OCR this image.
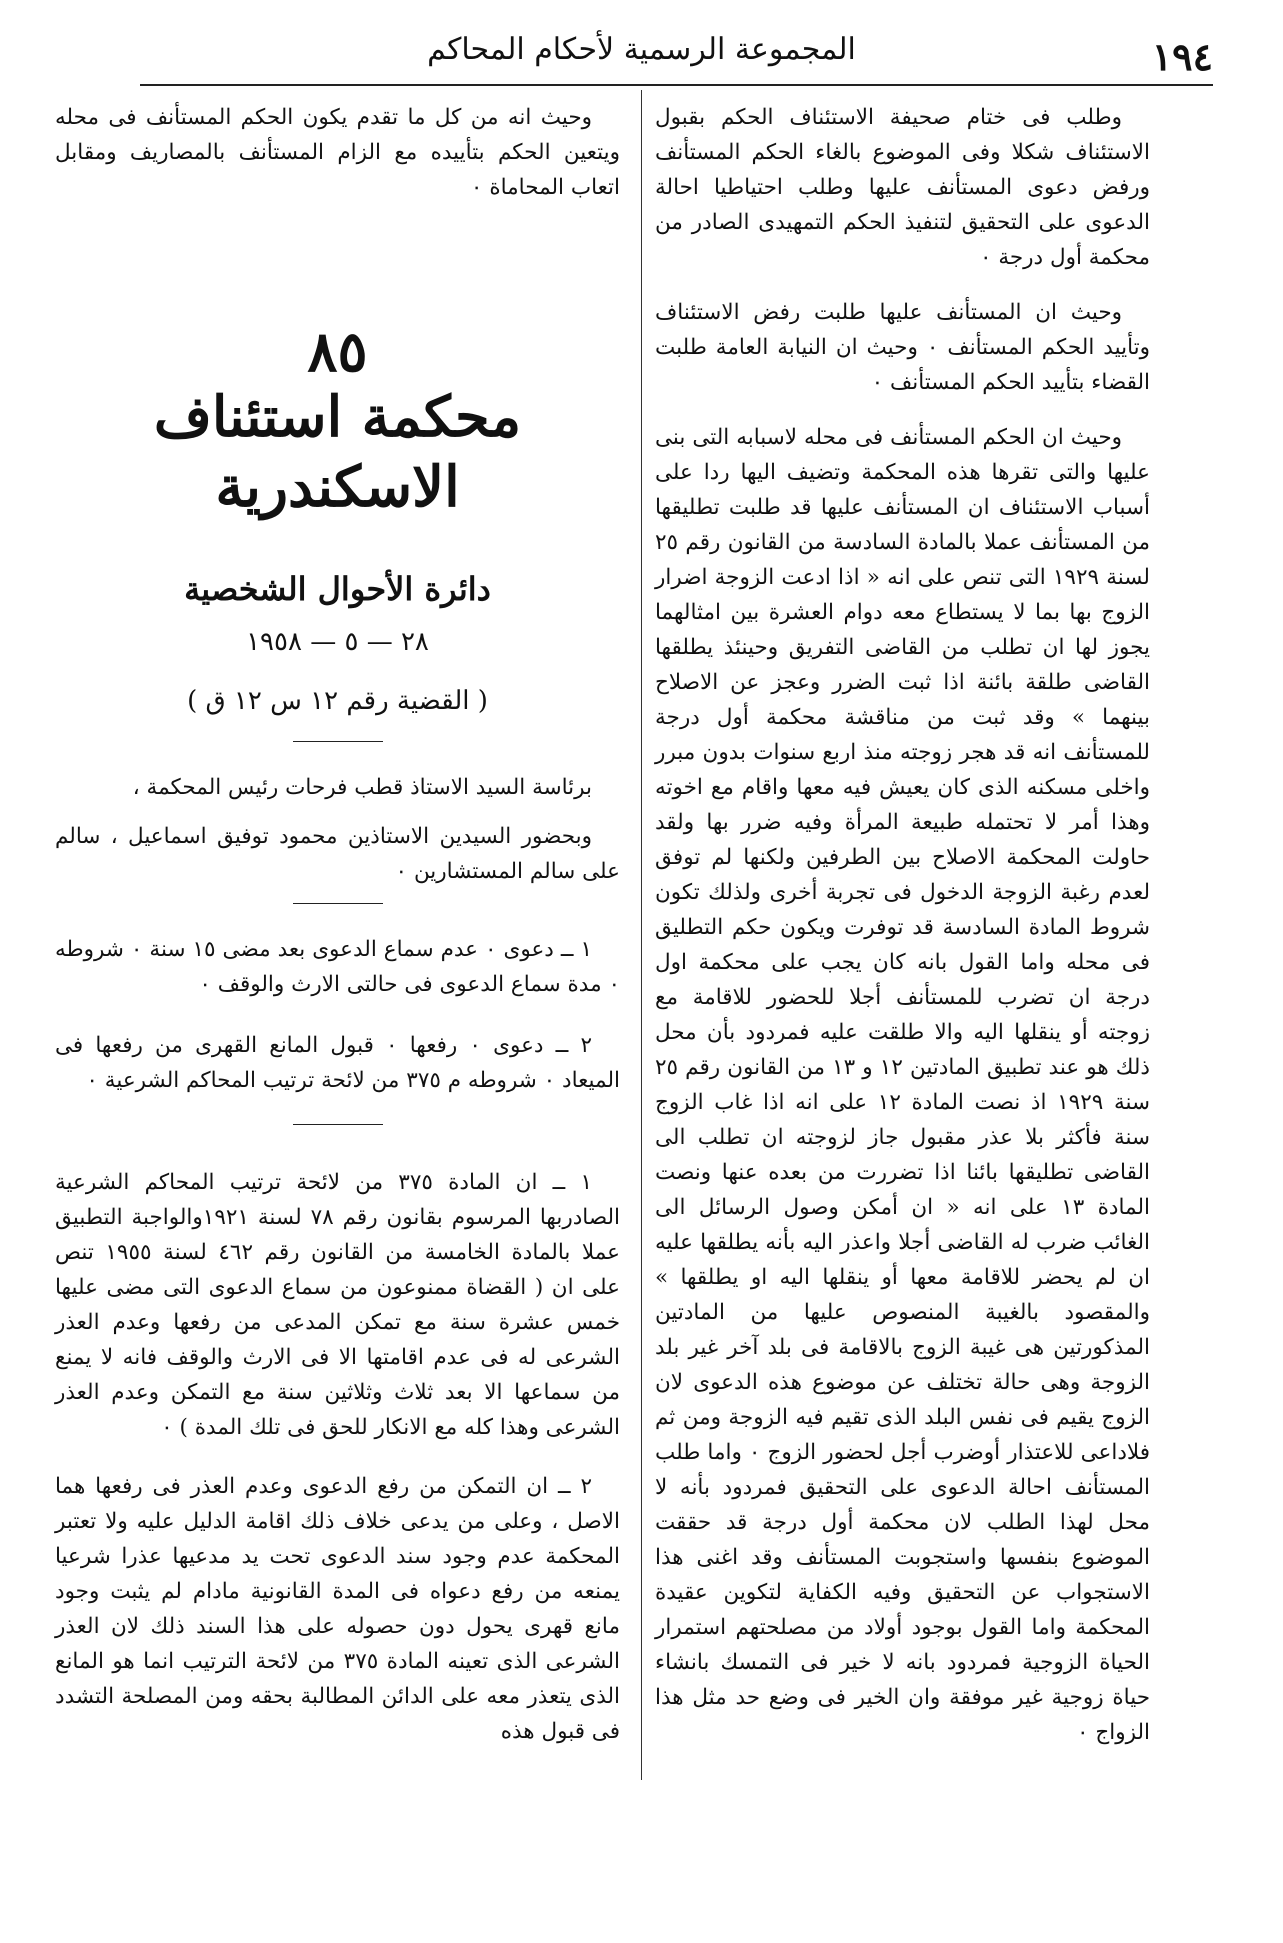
١٩٤
المجموعة الرسمية لأحكام المحاكم

وطلب فى ختام صحيفة الاستئناف الحكم بقبول الاستئناف شكلا وفى الموضوع بالغاء الحكم المستأنف ورفض دعوى المستأنف عليها وطلب احتياطيا احالة الدعوى على التحقيق لتنفيذ الحكم التمهيدى الصادر من محكمة أول درجة ٠

وحيث ان المستأنف عليها طلبت رفض الاستئناف وتأييد الحكم المستأنف ٠ وحيث ان النيابة العامة طلبت القضاء بتأييد الحكم المستأنف ٠

وحيث ان الحكم المستأنف فى محله لاسبابه التى بنى عليها والتى تقرها هذه المحكمة وتضيف اليها ردا على أسباب الاستئناف ان المستأنف عليها قد طلبت تطليقها من المستأنف عملا بالمادة السادسة من القانون رقم ٢٥ لسنة ١٩٢٩ التى تنص على انه « اذا ادعت الزوجة اضرار الزوج بها بما لا يستطاع معه دوام العشرة بين امثالهما يجوز لها ان تطلب من القاضى التفريق وحينئذ يطلقها القاضى طلقة بائنة اذا ثبت الضرر وعجز عن الاصلاح بينهما » وقد ثبت من مناقشة محكمة أول درجة للمستأنف انه قد هجر زوجته منذ اربع سنوات بدون مبرر واخلى مسكنه الذى كان يعيش فيه معها واقام مع اخوته وهذا أمر لا تحتمله طبيعة المرأة وفيه ضرر بها ولقد حاولت المحكمة الاصلاح بين الطرفين ولكنها لم توفق لعدم رغبة الزوجة الدخول فى تجربة أخرى ولذلك تكون شروط المادة السادسة قد توفرت ويكون حكم التطليق فى محله واما القول بانه كان يجب على محكمة اول درجة ان تضرب للمستأنف أجلا للحضور للاقامة مع زوجته أو ينقلها اليه والا طلقت عليه فمردود بأن محل ذلك هو عند تطبيق المادتين ١٢ و ١٣ من القانون رقم ٢٥ سنة ١٩٢٩ اذ نصت المادة ١٢ على انه اذا غاب الزوج سنة فأكثر بلا عذر مقبول جاز لزوجته ان تطلب الى القاضى تطليقها بائنا اذا تضررت من بعده عنها ونصت المادة ١٣ على انه « ان أمكن وصول الرسائل الى الغائب ضرب له القاضى أجلا واعذر اليه بأنه يطلقها عليه ان لم يحضر للاقامة معها أو ينقلها اليه او يطلقها » والمقصود بالغيبة المنصوص عليها من المادتين المذكورتين هى غيبة الزوج بالاقامة فى بلد آخر غير بلد الزوجة وهى حالة تختلف عن موضوع هذه الدعوى لان الزوج يقيم فى نفس البلد الذى تقيم فيه الزوجة ومن ثم فلاداعى للاعتذار أوضرب أجل لحضور الزوج ٠ واما طلب المستأنف احالة الدعوى على التحقيق فمردود بأنه لا محل لهذا الطلب لان محكمة أول درجة قد حققت الموضوع بنفسها واستجوبت المستأنف وقد اغنى هذا الاستجواب عن التحقيق وفيه الكفاية لتكوين عقيدة المحكمة واما القول بوجود أولاد من مصلحتهم استمرار الحياة الزوجية فمردود بانه لا خير فى التمسك بانشاء حياة زوجية غير موفقة وان الخير فى وضع حد مثل هذا الزواج ٠

وحيث انه من كل ما تقدم يكون الحكم المستأنف فى محله ويتعين الحكم بتأييده مع الزام المستأنف بالمصاريف ومقابل اتعاب المحاماة ٠

٨٥
محكمة استئناف الاسكندرية
دائرة الأحوال الشخصية
٢٨ — ٥ — ١٩٥٨
( القضية رقم ١٢ س ١٢ ق )

برئاسة السيد الاستاذ قطب فرحات رئيس المحكمة ،

وبحضور السيدين الاستاذين محمود توفيق اسماعيل ، سالم على سالم المستشارين ٠

١ ــ دعوى ٠ عدم سماع الدعوى بعد مضى ١٥ سنة ٠ شروطه ٠ مدة سماع الدعوى فى حالتى الارث والوقف ٠

٢ ــ دعوى ٠ رفعها ٠ قبول المانع القهرى من رفعها فى الميعاد ٠ شروطه م ٣٧٥ من لائحة ترتيب المحاكم الشرعية ٠

١ ــ ان المادة ٣٧٥ من لائحة ترتيب المحاكم الشرعية الصادربها المرسوم بقانون رقم ٧٨ لسنة ١٩٢١والواجبة التطبيق عملا بالمادة الخامسة من القانون رقم ٤٦٢ لسنة ١٩٥٥ تنص على ان ( القضاة ممنوعون من سماع الدعوى التى مضى عليها خمس عشرة سنة مع تمكن المدعى من رفعها وعدم العذر الشرعى له فى عدم اقامتها الا فى الارث والوقف فانه لا يمنع من سماعها الا بعد ثلاث وثلاثين سنة مع التمكن وعدم العذر الشرعى وهذا كله مع الانكار للحق فى تلك المدة ) ٠

٢ ــ ان التمكن من رفع الدعوى وعدم العذر فى رفعها هما الاصل ، وعلى من يدعى خلاف ذلك اقامة الدليل عليه ولا تعتبر المحكمة عدم وجود سند الدعوى تحت يد مدعيها عذرا شرعيا يمنعه من رفع دعواه فى المدة القانونية مادام لم يثبت وجود مانع قهرى يحول دون حصوله على هذا السند ذلك لان العذر الشرعى الذى تعينه المادة ٣٧٥ من لائحة الترتيب انما هو المانع الذى يتعذر معه على الدائن المطالبة بحقه ومن المصلحة التشدد فى قبول هذه
